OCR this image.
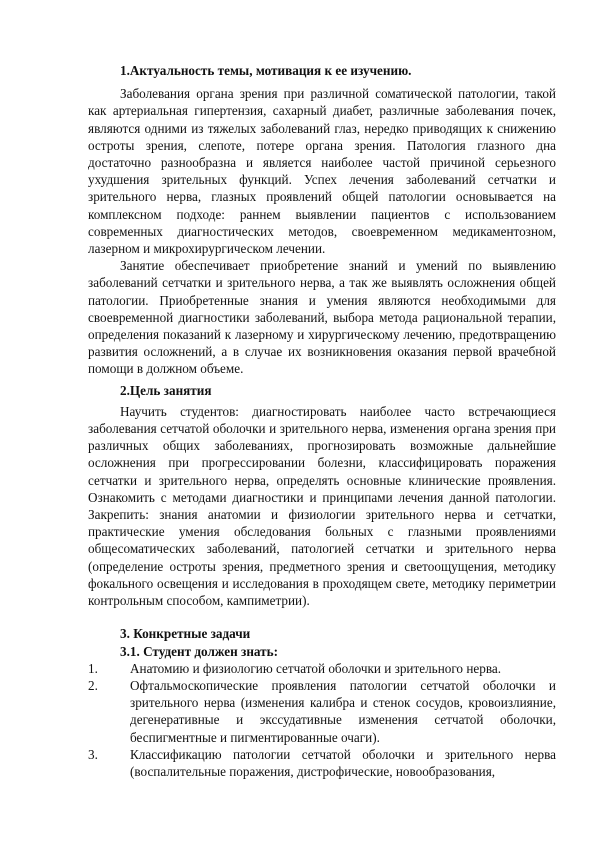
1.Актуальность темы, мотивация к ее изучению.

Заболевания органа зрения при различной соматической патологии, такой как артериальная гипертензия, сахарный диабет, различные заболевания почек, являются одними из тяжелых заболеваний глаз, нередко приводящих к снижению остроты зрения, слепоте, потере органа зрения. Патология глазного дна достаточно разнообразна и является наиболее частой причиной серьезного ухудшения зрительных функций. Успех лечения заболеваний сетчатки и зрительного нерва, глазных проявлений общей патологии основывается на комплексном подходе: раннем выявлении пациентов с использованием современных диагностических методов, своевременном медикаментозном, лазерном и микрохирургическом лечении.

Занятие обеспечивает приобретение знаний и умений по выявлению заболеваний сетчатки и зрительного нерва, а так же выявлять осложнения общей патологии. Приобретенные знания и умения являются необходимыми для своевременной диагностики заболеваний, выбора метода рациональной терапии, определения показаний к лазерному и хирургическому лечению, предотвращению развития осложнений, а в случае их возникновения оказания первой врачебной помощи в должном объеме.

2.Цель занятия

Научить студентов: диагностировать наиболее часто встречающиеся заболевания сетчатой оболочки и зрительного нерва, изменения органа зрения при различных общих заболеваниях, прогнозировать возможные дальнейшие осложнения при прогрессировании болезни, классифицировать поражения сетчатки и зрительного нерва, определять основные клинические проявления. Ознакомить с методами диагностики и принципами лечения данной патологии. Закрепить: знания анатомии и физиологии зрительного нерва и сетчатки, практические умения обследования больных с глазными проявлениями общесоматических заболеваний, патологией сетчатки и зрительного нерва (определение остроты зрения, предметного зрения и светоощущения, методику фокального освещения и исследования в проходящем свете, методику периметрии контрольным способом, кампиметрии).

3. Конкретные задачи

3.1. Студент должен знать:

1. Анатомию и физиологию сетчатой оболочки и зрительного нерва.
2. Офтальмоскопические проявления патологии сетчатой оболочки и зрительного нерва (изменения калибра и стенок сосудов, кровоизлияние, дегенеративные и экссудативные изменения сетчатой оболочки, беспигментные и пигментированные очаги).
3. Классификацию патологии сетчатой оболочки и зрительного нерва (воспалительные поражения, дистрофические, новообразования,
